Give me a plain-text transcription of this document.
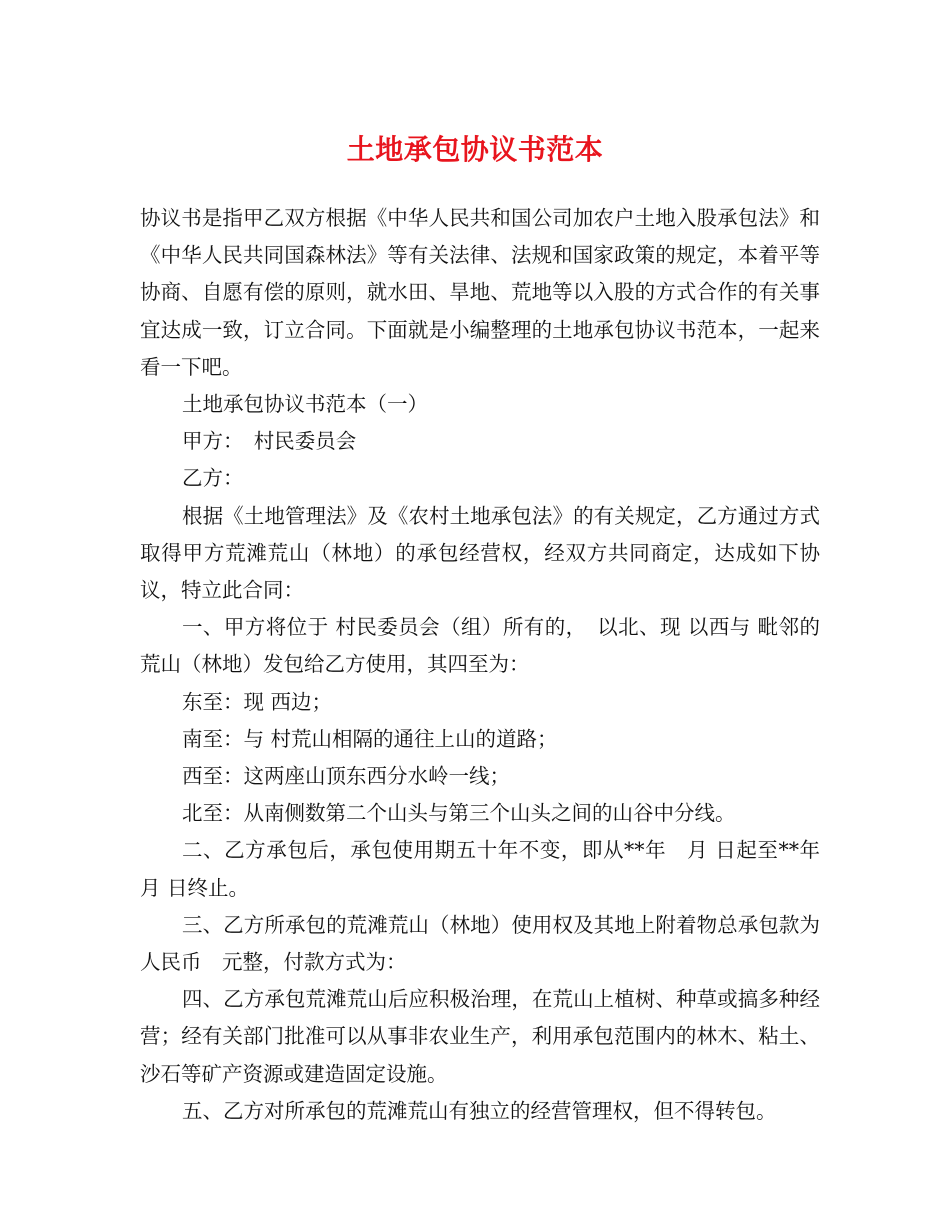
土地承包协议书范本

协议书是指甲乙双方根据《中华人民共和国公司加农户土地入股承包法》和《中华人民共同国森林法》等有关法律、法规和国家政策的规定，本着平等协商、自愿有偿的原则，就水田、旱地、荒地等以入股的方式合作的有关事宜达成一致，订立合同。下面就是小编整理的土地承包协议书范本，一起来看一下吧。

土地承包协议书范本（一）

甲方：　村民委员会

乙方：

根据《土地管理法》及《农村土地承包法》的有关规定，乙方通过方式取得甲方荒滩荒山（林地）的承包经营权，经双方共同商定，达成如下协议，特立此合同：

一、甲方将位于 村民委员会（组）所有的，　以北、现 以西与 毗邻的荒山（林地）发包给乙方使用，其四至为：

东至：现 西边；

南至：与 村荒山相隔的通往上山的道路；

西至：这两座山顶东西分水岭一线；

北至：从南侧数第二个山头与第三个山头之间的山谷中分线。

二、乙方承包后，承包使用期五十年不变，即从**年　月 日起至**年　月 日终止。

三、乙方所承包的荒滩荒山（林地）使用权及其地上附着物总承包款为人民币　元整，付款方式为：

四、乙方承包荒滩荒山后应积极治理，在荒山上植树、种草或搞多种经营；经有关部门批准可以从事非农业生产，利用承包范围内的林木、粘土、沙石等矿产资源或建造固定设施。

五、乙方对所承包的荒滩荒山有独立的经营管理权，但不得转包。
